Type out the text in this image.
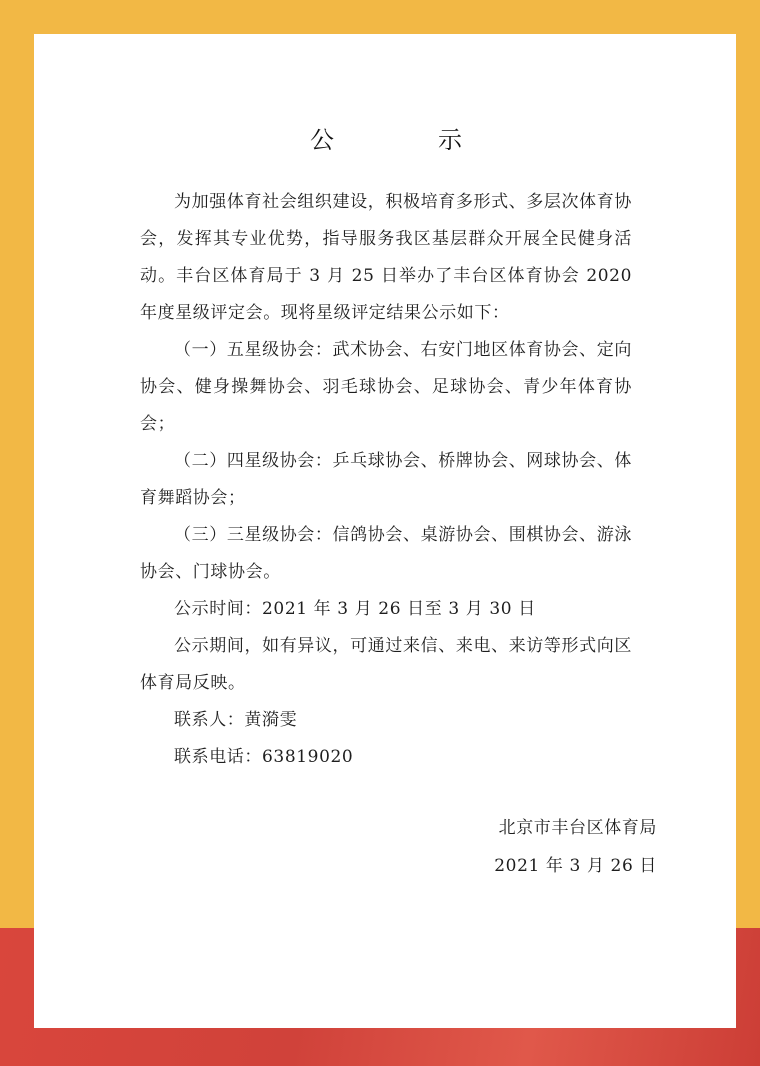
公　示

为加强体育社会组织建设，积极培育多形式、多层次体育协会，发挥其专业优势，指导服务我区基层群众开展全民健身活动。丰台区体育局于 3 月 25 日举办了丰台区体育协会 2020 年度星级评定会。现将星级评定结果公示如下：

（一）五星级协会：武术协会、右安门地区体育协会、定向协会、健身操舞协会、羽毛球协会、足球协会、青少年体育协会；

（二）四星级协会：乒乓球协会、桥牌协会、网球协会、体育舞蹈协会；

（三）三星级协会：信鸽协会、桌游协会、围棋协会、游泳协会、门球协会。

公示时间：2021 年 3 月 26 日至 3 月 30 日

公示期间，如有异议，可通过来信、来电、来访等形式向区体育局反映。

联系人：黄漪雯

联系电话：63819020

北京市丰台区体育局
2021 年 3 月 26 日
